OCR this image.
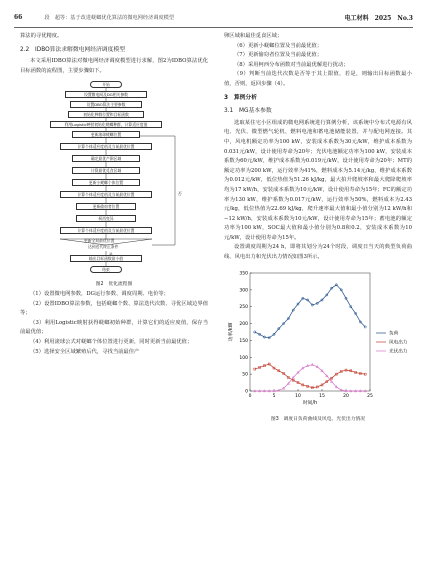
66	段　超等：基于改进蜣螂优化算法的微电网经济调度模型	电工材料　2025　No.3

算法的寻优精度。

2.2　IDBO算法求解微电网经济调度模型

本文采用IDBO算法对微电网经济调度模型进行求解，图2为IDBO算法优化目标函数的流程图，主要步骤如下。

开始
设置微电网及DG相关参数
设置DBO算法主要参数
初始化种群位置和目标函数
利用Logistic映射初始化蜣螂种群，计算适应度值
更新滚球蜣螂位置
计算个体适应度值及当前最优位置
确定最优产卵区域
计算最优觅食区域
更新小蜣螂个体位置
计算个体适应度值及当前最优位置
更新偷窃者位置
柯西变异
计算个体适应度值及当前最优位置
更新全局最优位置
达到迭代终止条件
否
输出目标函数最小值
结束
图2　优化流程图

（1）设置微电网参数，DG运行参数、调度周期、电价等；

（2）设置IDBO算法参数，包括蜣螂个数、算法迭代次数、寻优区域边界值等；

（3）利用Logistic映射获得蜣螂初始种群，计算它们的适应度值，保存当前最优值；

（4）利用滚球公式对蜣螂个体位置进行更新，同时更新当前最优值；

（5）选择安全区域繁殖后代，寻找当前最佳产

卵区域和最佳觅食区域；

（6）更新小蜣螂位置及当前最优值；

（7）更新偷窃者位置及当前最优值；

（8）采用柯西分布函数对当前最优解进行扰动；

（9）判断当前迭代次数是否等于其上限值，若是，则输出目标函数最小值，否则，返回步骤（4）。

3　算例分析
3.1　MG基本参数

选取某住宅小区组成的微电网系统进行算例分析，该系统中分布式电源有风电、光伏、微型燃气轮机、燃料电池和蓄电池储能装置，并与配电网连接。其中，风电机额定功率为100 kW，安装成本系数为30元/kW，维护成本系数为0.031元/kW，设计使用寿命为20年；光伏电池额定功率为100 kW，安装成本系数为60元/kW，维护成本系数为0.019元/kW，设计使用寿命为20年；MT的额定功率为200 kW，运行效率为41%，燃料成本为5.14元/kg，维护成本系数为0.012元/kW，低位热值为51.26 kJ/kg，最大拍升爬坡率和最大爬降爬坡率均为17 kW/h，安装成本系数为10元/kW，设计使用寿命为15年；FC的额定功率为130 kW，维护系数为0.017元/kW，运行效率为50%，燃料成本为2.43元/kg，低位热值为22.69 kJ/kg，爬升速率最大值和最小值分别为12 kW/h和−12 kW/h，安装成本系数为10元/kW，设计使用寿命为15年；蓄电池的额定功率为100 kW，SOC最大值和最小值分别为0.8和0.2，安装成本系数为10元/kW，设计使用寿命为15年。

设置调度周期为24 h，即将其划分为24个时段，调度日当天的典型负荷曲线、风电出力和光伏出力情况如图3所示。

0
50
100
150
200
250
300
350
0	5	10	15	20	25
时间/h
功率/kW	负荷
风电出力
光伏出力
图3　调度日负荷曲线及风电、光伏出力情况
